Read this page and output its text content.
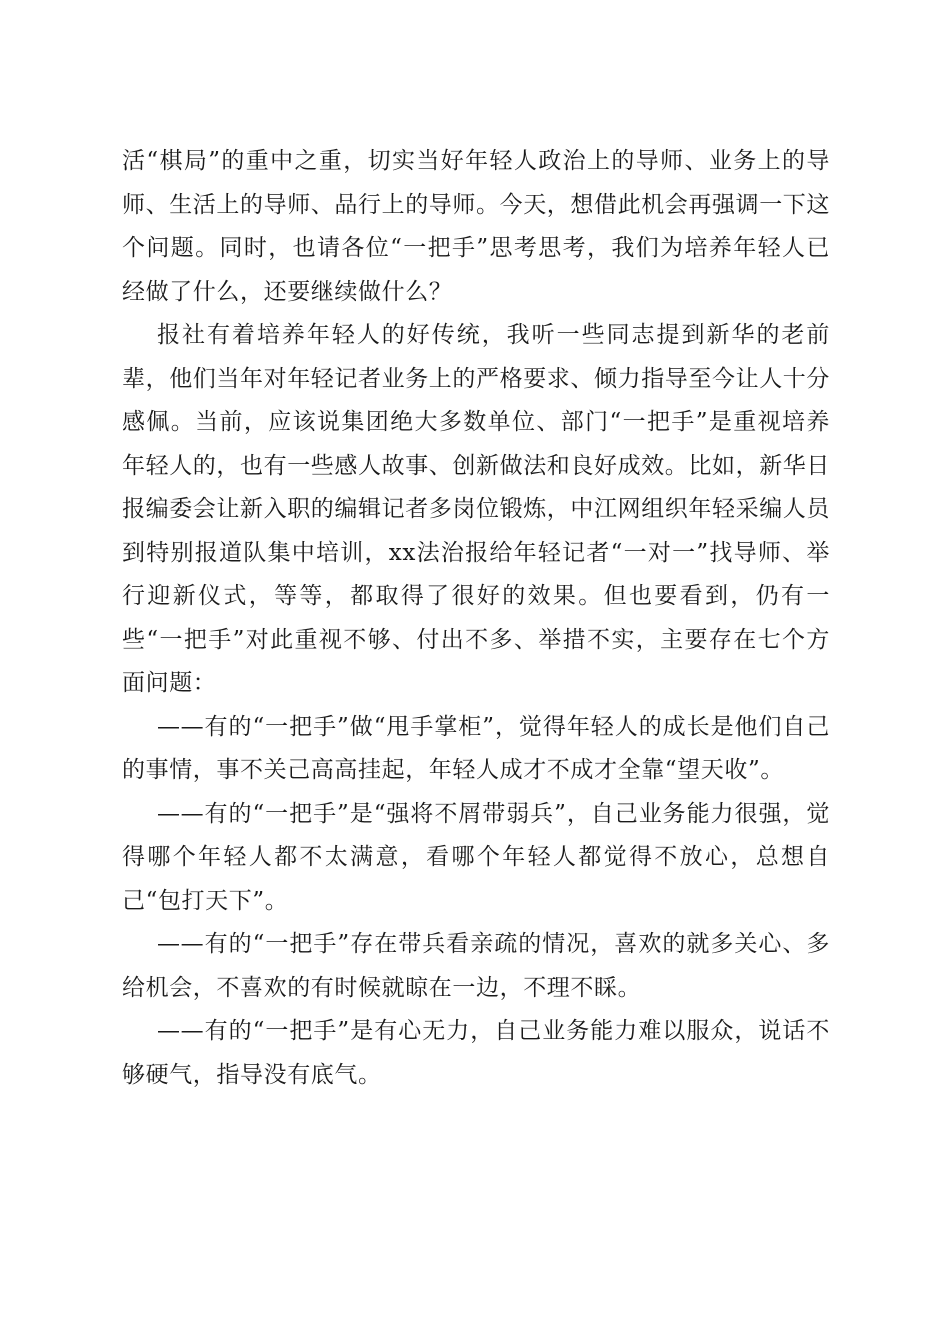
活“棋局”的重中之重，切实当好年轻人政治上的导师、业务上的导师、生活上的导师、品行上的导师。今天，想借此机会再强调一下这个问题。同时，也请各位“一把手”思考思考，我们为培养年轻人已经做了什么，还要继续做什么？

报社有着培养年轻人的好传统，我听一些同志提到新华的老前辈，他们当年对年轻记者业务上的严格要求、倾力指导至今让人十分感佩。当前，应该说集团绝大多数单位、部门“一把手”是重视培养年轻人的，也有一些感人故事、创新做法和良好成效。比如，新华日报编委会让新入职的编辑记者多岗位锻炼，中江网组织年轻采编人员到特别报道队集中培训，xx法治报给年轻记者“一对一”找导师、举行迎新仪式，等等，都取得了很好的效果。但也要看到，仍有一些“一把手”对此重视不够、付出不多、举措不实，主要存在七个方面问题：

——有的“一把手”做“甩手掌柜”，觉得年轻人的成长是他们自己的事情，事不关己高高挂起，年轻人成才不成才全靠“望天收”。

——有的“一把手”是“强将不屑带弱兵”，自己业务能力很强，觉得哪个年轻人都不太满意，看哪个年轻人都觉得不放心，总想自己“包打天下”。

——有的“一把手”存在带兵看亲疏的情况，喜欢的就多关心、多给机会，不喜欢的有时候就晾在一边，不理不睬。

——有的“一把手”是有心无力，自己业务能力难以服众，说话不够硬气，指导没有底气。
